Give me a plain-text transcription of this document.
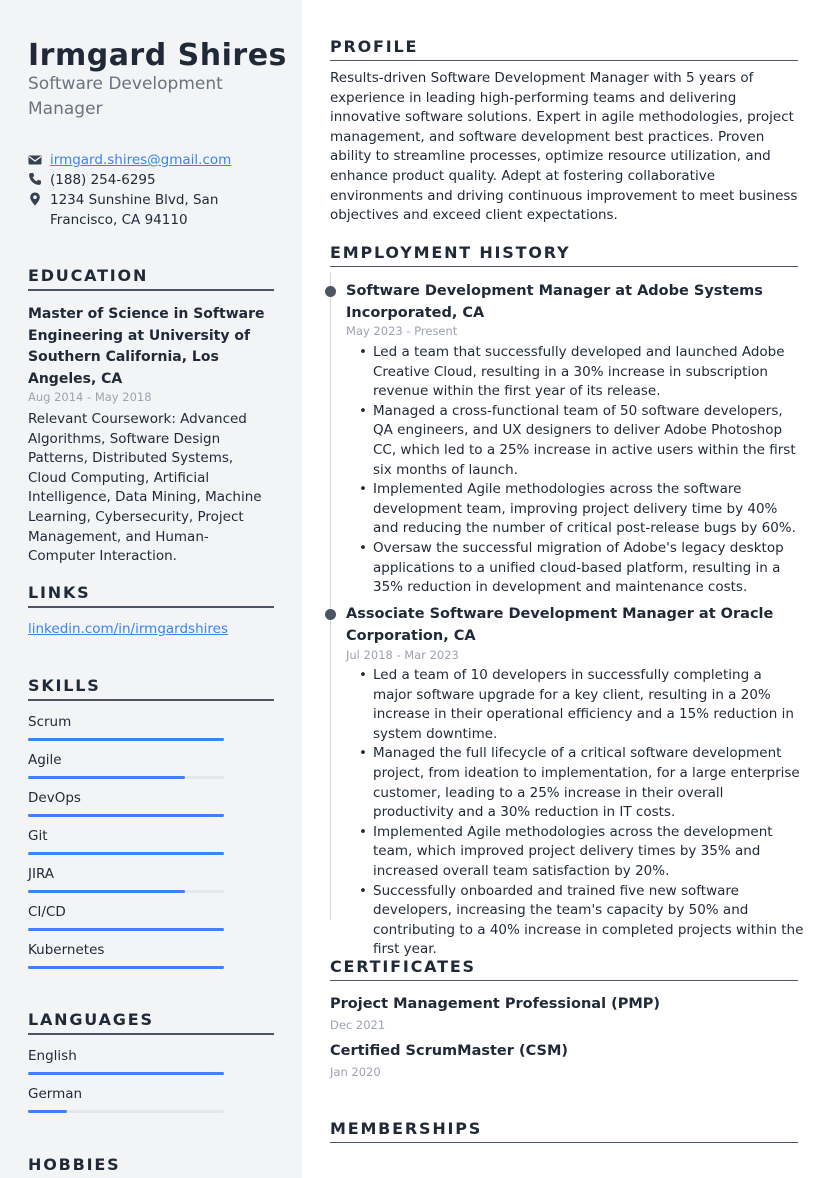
Irmgard Shires
Software Development Manager
irmgard.shires@gmail.com
(188) 254-6295
1234 Sunshine Blvd, San Francisco, CA 94110
EDUCATION
Master of Science in Software Engineering at University of Southern California, Los Angeles, CA
Aug 2014 - May 2018
Relevant Coursework: Advanced Algorithms, Software Design Patterns, Distributed Systems, Cloud Computing, Artificial Intelligence, Data Mining, Machine Learning, Cybersecurity, Project Management, and Human-Computer Interaction.
LINKS
linkedin.com/in/irmgardshires
SKILLS
Scrum
Agile
DevOps
Git
JIRA
CI/CD
Kubernetes
LANGUAGES
English
German
HOBBIES
PROFILE
Results-driven Software Development Manager with 5 years of experience in leading high-performing teams and delivering innovative software solutions. Expert in agile methodologies, project management, and software development best practices. Proven ability to streamline processes, optimize resource utilization, and enhance product quality. Adept at fostering collaborative environments and driving continuous improvement to meet business objectives and exceed client expectations.
EMPLOYMENT HISTORY
Software Development Manager at Adobe Systems Incorporated, CA
May 2023 - Present
• Led a team that successfully developed and launched Adobe Creative Cloud, resulting in a 30% increase in subscription revenue within the first year of its release.
• Managed a cross-functional team of 50 software developers, QA engineers, and UX designers to deliver Adobe Photoshop CC, which led to a 25% increase in active users within the first six months of launch.
• Implemented Agile methodologies across the software development team, improving project delivery time by 40% and reducing the number of critical post-release bugs by 60%.
• Oversaw the successful migration of Adobe's legacy desktop applications to a unified cloud-based platform, resulting in a 35% reduction in development and maintenance costs.
Associate Software Development Manager at Oracle Corporation, CA
Jul 2018 - Mar 2023
• Led a team of 10 developers in successfully completing a major software upgrade for a key client, resulting in a 20% increase in their operational efficiency and a 15% reduction in system downtime.
• Managed the full lifecycle of a critical software development project, from ideation to implementation, for a large enterprise customer, leading to a 25% increase in their overall productivity and a 30% reduction in IT costs.
• Implemented Agile methodologies across the development team, which improved project delivery times by 35% and increased overall team satisfaction by 20%.
• Successfully onboarded and trained five new software developers, increasing the team's capacity by 50% and contributing to a 40% increase in completed projects within the first year.
CERTIFICATES
Project Management Professional (PMP)
Dec 2021
Certified ScrumMaster (CSM)
Jan 2020
MEMBERSHIPS
